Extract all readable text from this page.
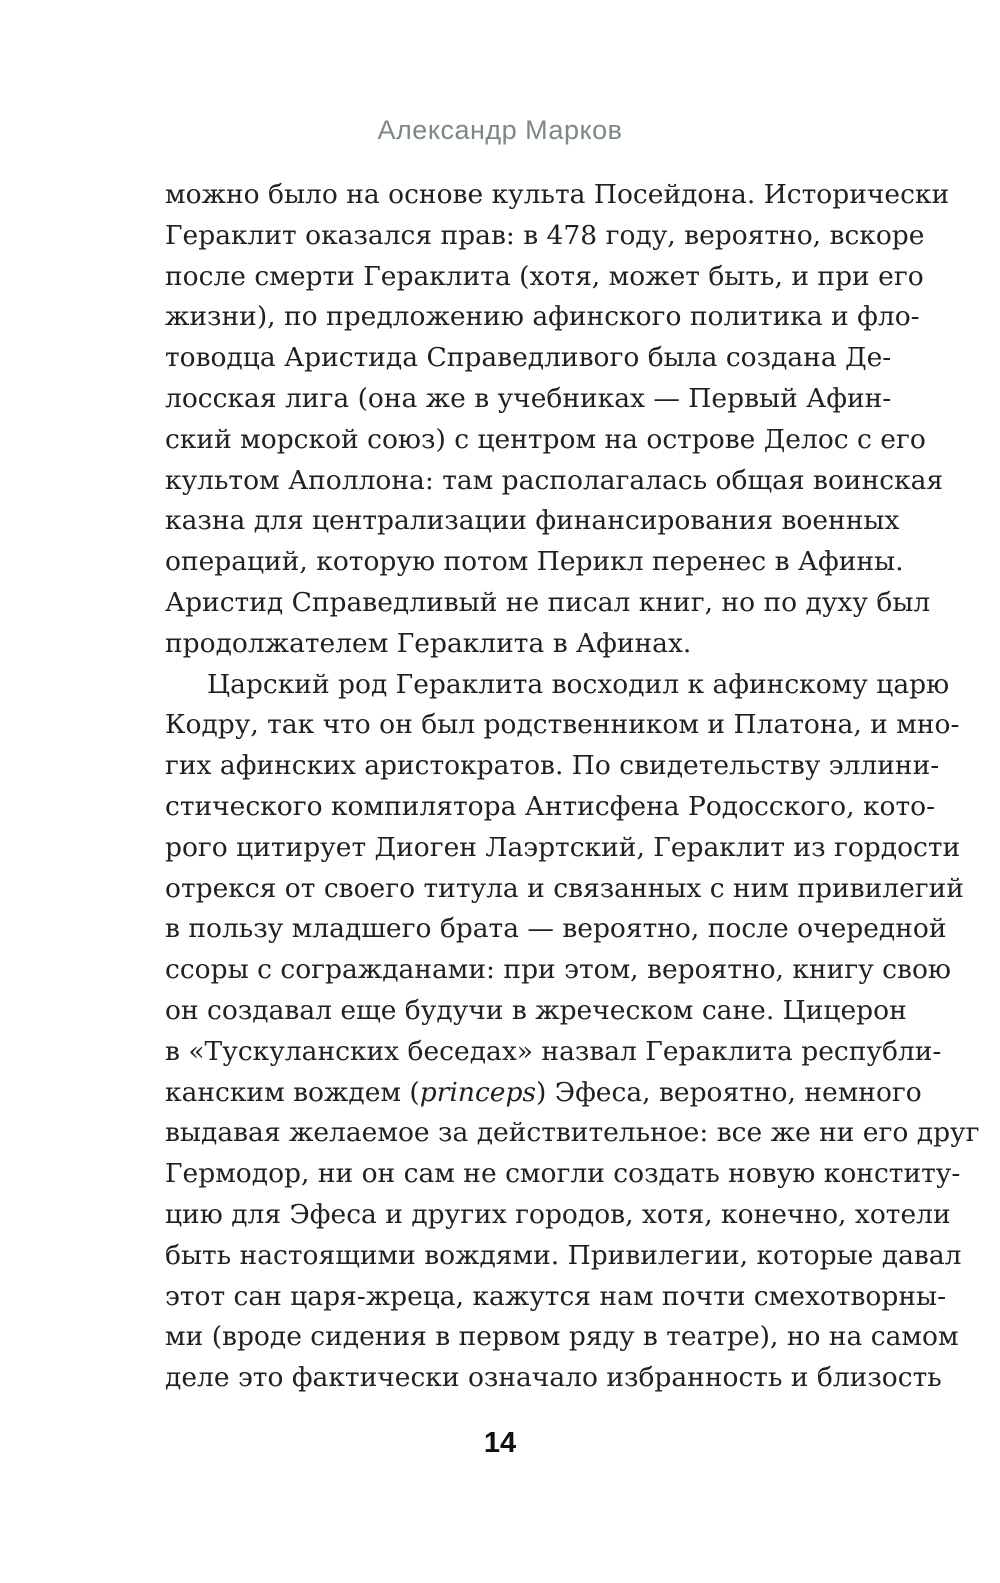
Александр Марков
можно было на основе культа Посейдона. Исторически
Гераклит оказался прав: в 478 году, вероятно, вскоре
после смерти Гераклита (хотя, может быть, и при его
жизни), по предложению афинского политика и фло-
товодца Аристида Справедливого была создана Де-
лосская лига (она же в учебниках — Первый Афин-
ский морской союз) с центром на острове Делос с его
культом Аполлона: там располагалась общая воинская
казна для централизации финансирования военных
операций, которую потом Перикл перенес в Афины.
Аристид Справедливый не писал книг, но по духу был
продолжателем Гераклита в Афинах.
Царский род Гераклита восходил к афинскому царю
Кодру, так что он был родственником и Платона, и мно-
гих афинских аристократов. По свидетельству эллини-
стического компилятора Антисфена Родосского, кото-
рого цитирует Диоген Лаэртский, Гераклит из гордости
отрекся от своего титула и связанных с ним привилегий
в пользу младшего брата — вероятно, после очередной
ссоры с согражданами: при этом, вероятно, книгу свою
он создавал еще будучи в жреческом сане. Цицерон
в «Тускуланских беседах» назвал Гераклита республи-
канским вождем (princeps) Эфеса, вероятно, немного
выдавая желаемое за действительное: все же ни его друг
Гермодор, ни он сам не смогли создать новую конститу-
цию для Эфеса и других городов, хотя, конечно, хотели
быть настоящими вождями. Привилегии, которые давал
этот сан царя-жреца, кажутся нам почти смехотворны-
ми (вроде сидения в первом ряду в театре), но на самом
деле это фактически означало избранность и близость
14
